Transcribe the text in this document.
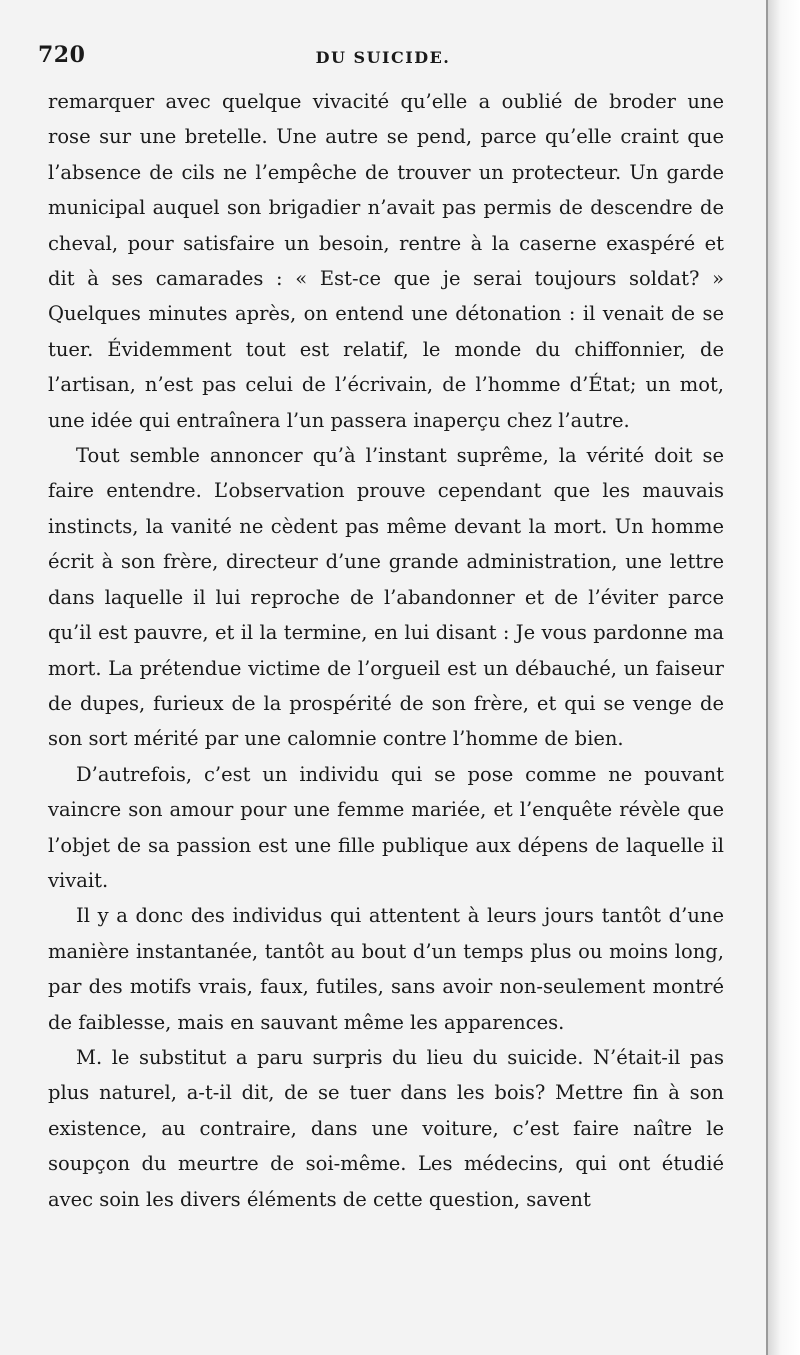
720	DU SUICIDE.

remarquer avec quelque vivacité qu’elle a oublié de broder une rose sur une bretelle. Une autre se pend, parce qu’elle craint que l’absence de cils ne l’empêche de trouver un protecteur. Un garde municipal auquel son brigadier n’avait pas permis de descendre de cheval, pour satisfaire un besoin, rentre à la caserne exaspéré et dit à ses camarades : « Est-ce que je serai toujours soldat? » Quelques minutes après, on entend une détonation : il venait de se tuer. Évidemment tout est relatif, le monde du chiffonnier, de l’artisan, n’est pas celui de l’écrivain, de l’homme d’État; un mot, une idée qui entraînera l’un passera inaperçu chez l’autre.

Tout semble annoncer qu’à l’instant suprême, la vérité doit se faire entendre. L’observation prouve cependant que les mauvais instincts, la vanité ne cèdent pas même devant la mort. Un homme écrit à son frère, directeur d’une grande administration, une lettre dans laquelle il lui reproche de l’abandonner et de l’éviter parce qu’il est pauvre, et il la termine, en lui disant : Je vous pardonne ma mort. La prétendue victime de l’orgueil est un débauché, un faiseur de dupes, furieux de la prospérité de son frère, et qui se venge de son sort mérité par une calomnie contre l’homme de bien.

D’autrefois, c’est un individu qui se pose comme ne pouvant vaincre son amour pour une femme mariée, et l’enquête révèle que l’objet de sa passion est une fille publique aux dépens de laquelle il vivait.

Il y a donc des individus qui attentent à leurs jours tantôt d’une manière instantanée, tantôt au bout d’un temps plus ou moins long, par des motifs vrais, faux, futiles, sans avoir non-seulement montré de faiblesse, mais en sauvant même les apparences.

M. le substitut a paru surpris du lieu du suicide. N’était-il pas plus naturel, a-t-il dit, de se tuer dans les bois? Mettre fin à son existence, au contraire, dans une voiture, c’est faire naître le soupçon du meurtre de soi-même. Les médecins, qui ont étudié avec soin les divers éléments de cette question, savent
